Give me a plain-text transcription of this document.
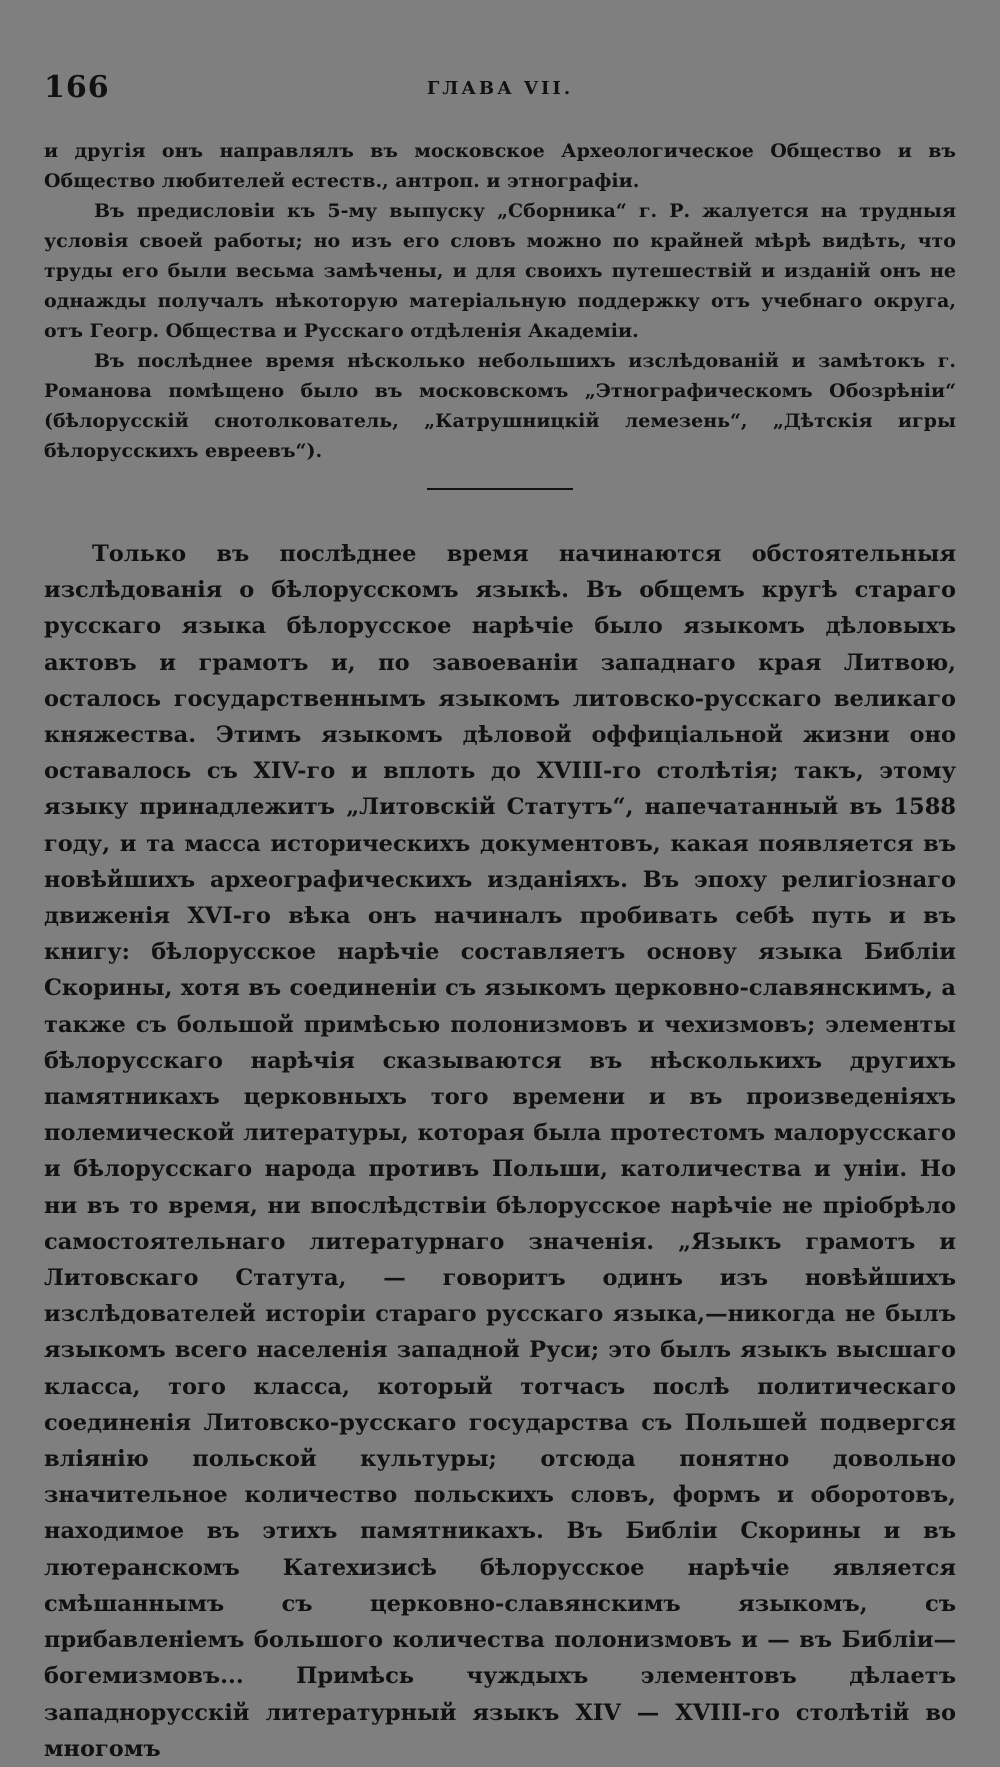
166	ГЛАВА VII.

и другія онъ направлялъ въ московское Археологическое Общество и въ Общество любителей естеств., антроп. и этнографіи.

Въ предисловіи къ 5-му выпуску „Сборника“ г. Р. жалуется на трудныя условія своей работы; но изъ его словъ можно по крайней мѣрѣ видѣть, что труды его были весьма замѣчены, и для своихъ путешествій и изданій онъ не однажды получалъ нѣкоторую матеріальную поддержку отъ учебнаго округа, отъ Геогр. Общества и Русскаго отдѣленія Академіи.

Въ послѣднее время нѣсколько небольшихъ изслѣдованій и замѣтокъ г. Романова помѣщено было въ московскомъ „Этнографическомъ Обозрѣніи“ (бѣлорусскій снотолкователь, „Катрушницкій лемезень“, „Дѣтскія игры бѣлорусскихъ евреевъ“).

Только въ послѣднее время начинаются обстоятельныя изслѣдованія о бѣлорусскомъ языкѣ. Въ общемъ кругѣ стараго русскаго языка бѣлорусское нарѣчіе было языкомъ дѣловыхъ актовъ и грамотъ и, по завоеваніи западнаго края Литвою, осталось государственнымъ языкомъ литовско-русскаго великаго княжества. Этимъ языкомъ дѣловой оффиціальной жизни оно оставалось съ XIV-го и вплоть до XVIII-го столѣтія; такъ, этому языку принадлежитъ „Литовскій Статутъ“, напечатанный въ 1588 году, и та масса историческихъ документовъ, какая появляется въ новѣйшихъ археографическихъ изданіяхъ. Въ эпоху религіознаго движенія XVI-го вѣка онъ начиналъ пробивать себѣ путь и въ книгу: бѣлорусское нарѣчіе составляетъ основу языка Библіи Скорины, хотя въ соединеніи съ языкомъ церковно-славянскимъ, а также съ большой примѣсью полонизмовъ и чехизмовъ; элементы бѣлорусскаго нарѣчія сказываются въ нѣсколькихъ другихъ памятникахъ церковныхъ того времени и въ произведеніяхъ полемической литературы, которая была протестомъ малорусскаго и бѣлорусскаго народа противъ Польши, католичества и уніи. Но ни въ то время, ни впослѣдствіи бѣлорусское нарѣчіе не пріобрѣло самостоятельнаго литературнаго значенія. „Языкъ грамотъ и Литовскаго Статута, — говоритъ одинъ изъ новѣйшихъ изслѣдователей исторіи стараго русскаго языка,—никогда не былъ языкомъ всего населенія западной Руси; это былъ языкъ высшаго класса, того класса, который тотчасъ послѣ политическаго соединенія Литовско-русскаго государства съ Польшей подвергся вліянію польской культуры; отсюда понятно довольно значительное количество польскихъ словъ, формъ и оборотовъ, находимое въ этихъ памятникахъ. Въ Библіи Скорины и въ лютеранскомъ Катехизисѣ бѣлорусское нарѣчіе является смѣшаннымъ съ церковно-славянскимъ языкомъ, съ прибавленіемъ большого количества полонизмовъ и — въ Библіи—богемизмовъ... Примѣсь чуждыхъ элементовъ дѣлаетъ западнорусскій литературный языкъ XIV — XVIII-го столѣтій во многомъ
